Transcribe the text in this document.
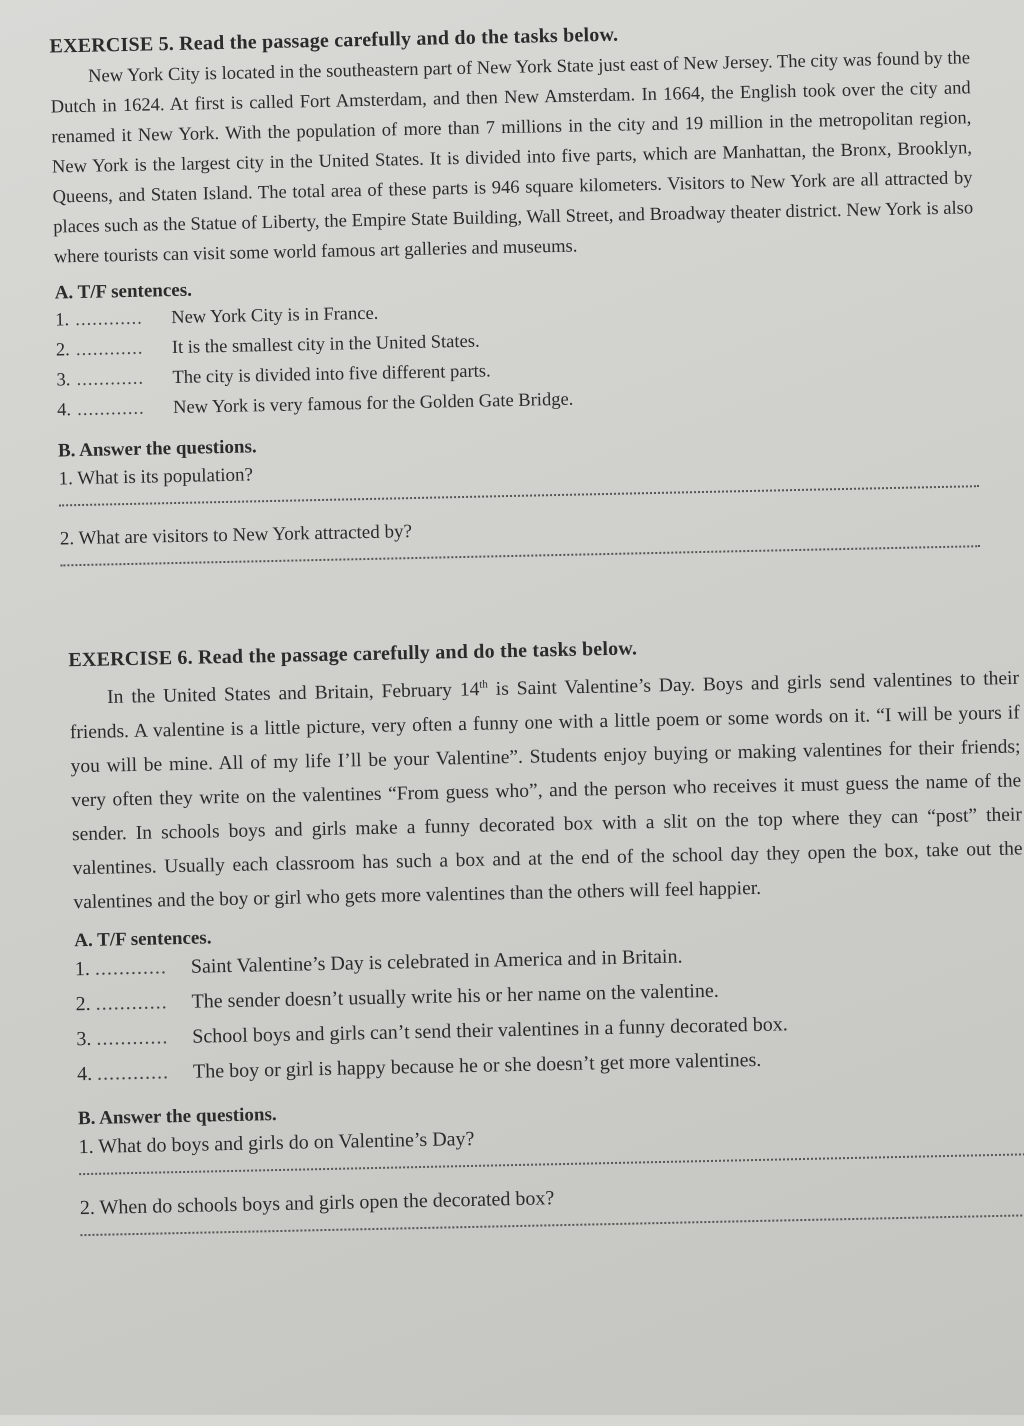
EXERCISE 5. Read the passage carefully and do the tasks below.

New York City is located in the southeastern part of New York State just east of New Jersey. The city was found by the Dutch in 1624. At first is called Fort Amsterdam, and then New Amsterdam. In 1664, the English took over the city and renamed it New York. With the population of more than 7 millions in the city and 19 million in the metropolitan region, New York is the largest city in the United States. It is divided into five parts, which are Manhattan, the Bronx, Brooklyn, Queens, and Staten Island. The total area of these parts is 946 square kilometers. Visitors to New York are all attracted by places such as the Statue of Liberty, the Empire State Building, Wall Street, and Broadway theater district. New York is also where tourists can visit some world famous art galleries and museums.

A. T/F sentences.

1. ............	New York City is in France.
2. ............	It is the smallest city in the United States.
3. ............	The city is divided into five different parts.
4. ............	New York is very famous for the Golden Gate Bridge.

B. Answer the questions.

1. What is its population?
2. What are visitors to New York attracted by?

EXERCISE 6. Read the passage carefully and do the tasks below.

In the United States and Britain, February 14th is Saint Valentine’s Day. Boys and girls send valentines to their friends. A valentine is a little picture, very often a funny one with a little poem or some words on it. “I will be yours if you will be mine. All of my life I’ll be your Valentine”. Students enjoy buying or making valentines for their friends; very often they write on the valentines “From guess who”, and the person who receives it must guess the name of the sender. In schools boys and girls make a funny decorated box with a slit on the top where they can “post” their valentines. Usually each classroom has such a box and at the end of the school day they open the box, take out the valentines and the boy or girl who gets more valentines than the others will feel happier.

A. T/F sentences.

1. ............	Saint Valentine’s Day is celebrated in America and in Britain.
2. ............	The sender doesn’t usually write his or her name on the valentine.
3. ............	School boys and girls can’t send their valentines in a funny decorated box.
4. ............	The boy or girl is happy because he or she doesn’t get more valentines.

B. Answer the questions.

1. What do boys and girls do on Valentine’s Day?
2. When do schools boys and girls open the decorated box?
